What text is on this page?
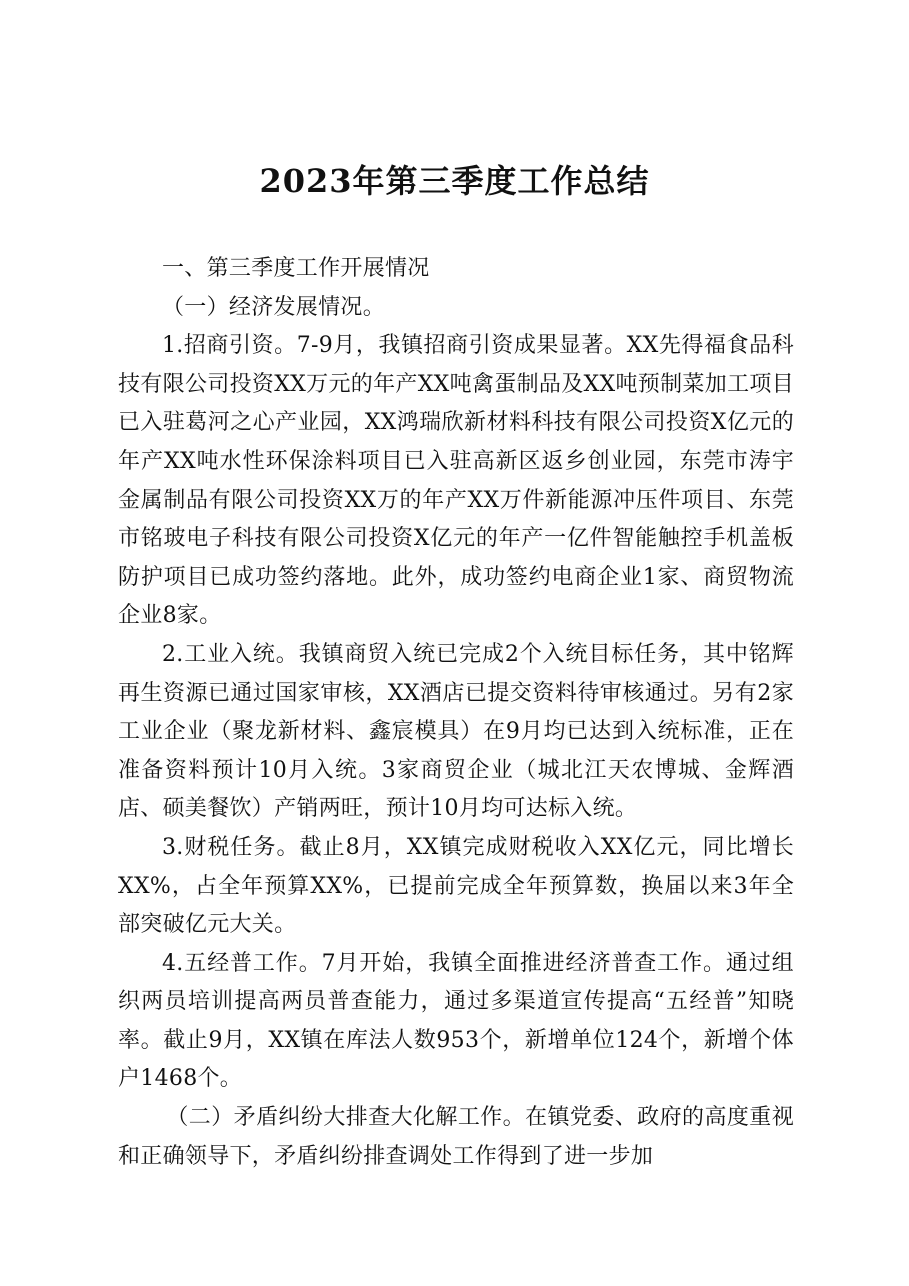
2023年第三季度工作总结

一、第三季度工作开展情况

（一）经济发展情况。

1.招商引资。7-9月，我镇招商引资成果显著。XX先得福食品科技有限公司投资XX万元的年产XX吨禽蛋制品及XX吨预制菜加工项目已入驻葛河之心产业园，XX鸿瑞欣新材料科技有限公司投资X亿元的年产XX吨水性环保涂料项目已入驻高新区返乡创业园，东莞市涛宇金属制品有限公司投资XX万的年产XX万件新能源冲压件项目、东莞市铭玻电子科技有限公司投资X亿元的年产一亿件智能触控手机盖板防护项目已成功签约落地。此外，成功签约电商企业1家、商贸物流企业8家。

2.工业入统。我镇商贸入统已完成2个入统目标任务，其中铭辉再生资源已通过国家审核，XX酒店已提交资料待审核通过。另有2家工业企业（聚龙新材料、鑫宸模具）在9月均已达到入统标准，正在准备资料预计10月入统。3家商贸企业（城北江天农博城、金辉酒店、硕美餐饮）产销两旺，预计10月均可达标入统。

3.财税任务。截止8月，XX镇完成财税收入XX亿元，同比增长XX%，占全年预算XX%，已提前完成全年预算数，换届以来3年全部突破亿元大关。

4.五经普工作。7月开始，我镇全面推进经济普查工作。通过组织两员培训提高两员普查能力，通过多渠道宣传提高“五经普”知晓率。截止9月，XX镇在库法人数953个，新增单位124个，新增个体户1468个。

（二）矛盾纠纷大排查大化解工作。在镇党委、政府的高度重视和正确领导下，矛盾纠纷排查调处工作得到了进一步加
